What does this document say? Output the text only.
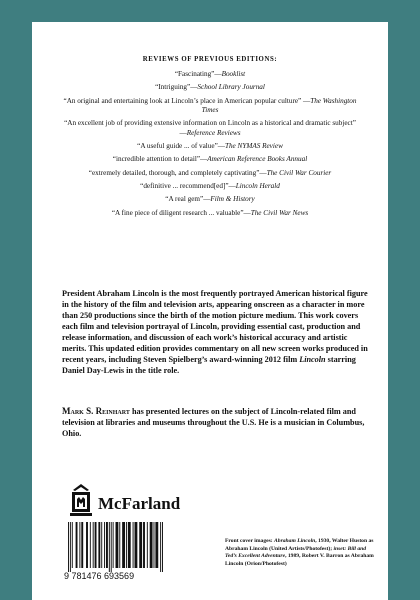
REVIEWS OF PREVIOUS EDITIONS:
“Fascinating”—Booklist
“Intriguing”—School Library Journal
“An original and entertaining look at Lincoln’s place in American popular culture” —The Washington Times
“An excellent job of providing extensive information on Lincoln as a historical and dramatic subject” —Reference Reviews
“A useful guide ... of value”—The NYMAS Review
“incredible attention to detail”—American Reference Books Annual
“extremely detailed, thorough, and completely captivating”—The Civil War Courier
“definitive ... recommend[ed]”—Lincoln Herald
“A real gem”—Film & History
“A fine piece of diligent research ... valuable”—The Civil War News
President Abraham Lincoln is the most frequently portrayed American historical figure in the history of the film and television arts, appearing onscreen as a character in more than 250 productions since the birth of the motion picture medium. This work covers each film and television portrayal of Lincoln, providing essential cast, production and release information, and discussion of each work’s historical accuracy and artistic merits. This updated edition provides commentary on all new screen works produced in recent years, including Steven Spielberg’s award-winning 2012 film Lincoln starring Daniel Day-Lewis in the title role.
Mark S. Reinhart has presented lectures on the subject of Lincoln-related film and television at libraries and museums throughout the U.S. He is a musician in Columbus, Ohio.
McFarland
9 781476 693569
Front cover images: Abraham Lincoln, 1930, Walter Huston as Abraham Lincoln (United Artists/Photofest); inset: Bill and Ted’s Excellent Adventure, 1989, Robert V. Barron as Abraham Lincoln (Orion/Photofest)
